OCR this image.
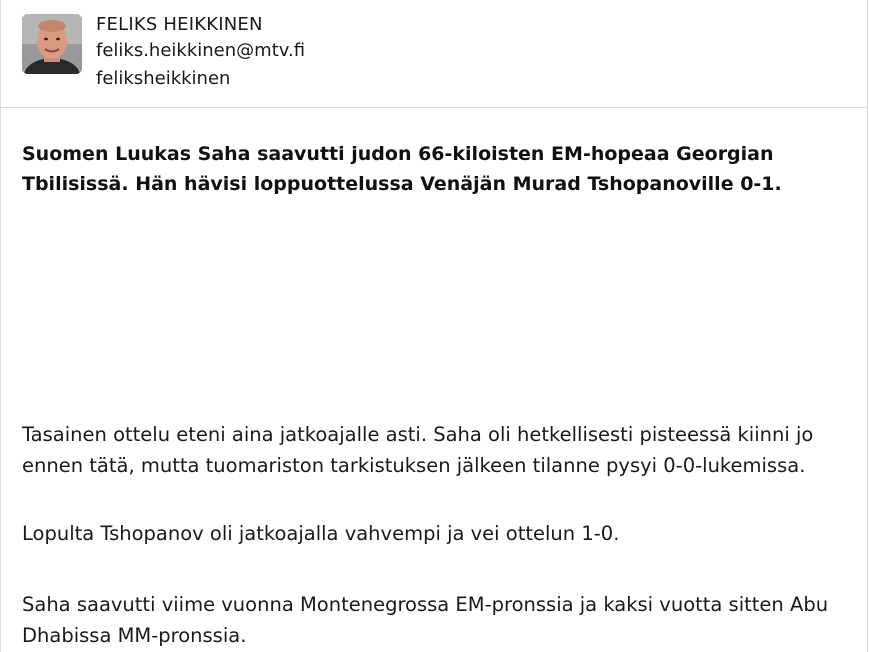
FELIKS HEIKKINEN
feliks.heikkinen@mtv.fi
feliksheikkinen

Suomen Luukas Saha saavutti judon 66-kiloisten EM-hopeaa Georgian Tbilisissä. Hän hävisi loppuottelussa Venäjän Murad Tshopanoville 0-1.

Tasainen ottelu eteni aina jatkoajalle asti. Saha oli hetkellisesti pisteessä kiinni jo ennen tätä, mutta tuomariston tarkistuksen jälkeen tilanne pysyi 0-0-lukemissa.

Lopulta Tshopanov oli jatkoajalla vahvempi ja vei ottelun 1-0.

Saha saavutti viime vuonna Montenegrossa EM-pronssia ja kaksi vuotta sitten Abu Dhabissa MM-pronssia.
